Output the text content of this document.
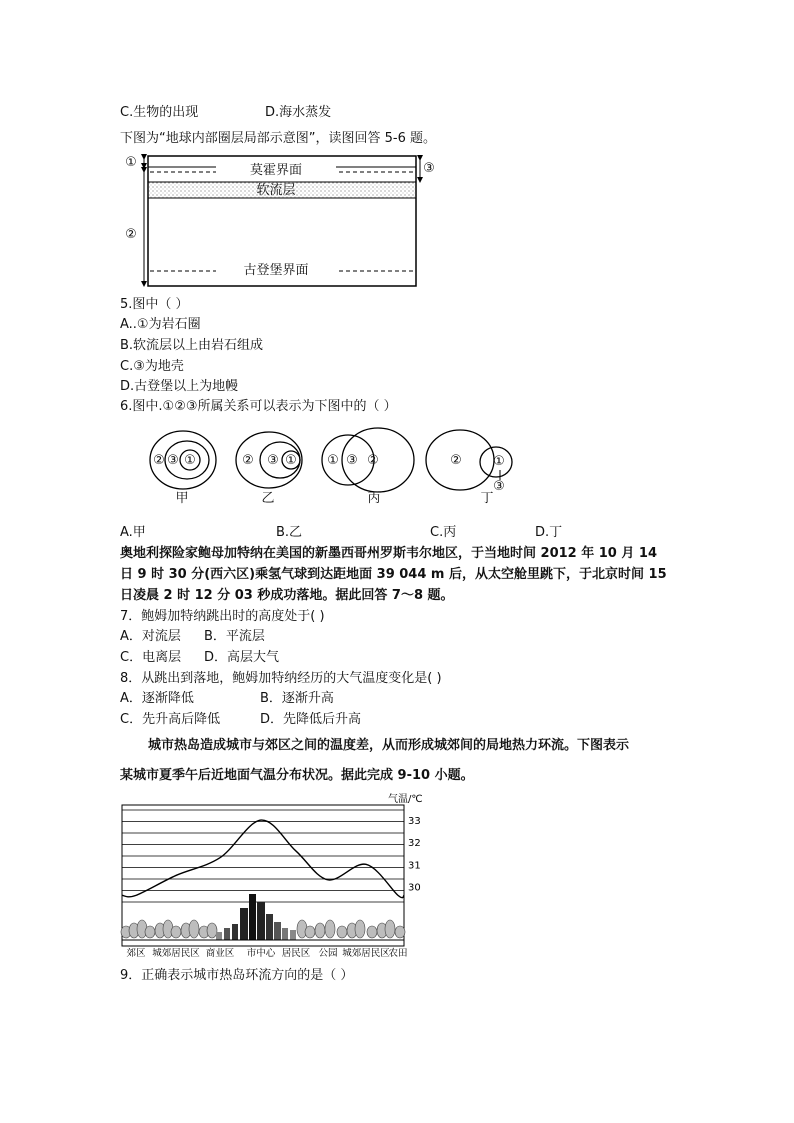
C.生物的出现	D.海水蒸发
下图为“地球内部圈层局部示意图”，读图回答 5-6 题。
①
②
③
莫霍界面
软流层
古登堡界面
5.图中（ ）
A..①为岩石圈
B.软流层以上由岩石组成
C.③为地壳
D.古登堡以上为地幔
6.图中.①②③所属关系可以表示为下图中的（ ）
② ③ ①
甲
② ③ ①
乙
① ③ ②
丙
② ①
③
丁
A.甲	B.乙	C.丙	D.丁
奥地利探险家鲍母加特纳在美国的新墨西哥州罗斯韦尔地区，于当地时间 2012 年 10 月 14
日 9 时 30 分(西六区)乘氢气球到达距地面 39 044 m 后，从太空舱里跳下，于北京时间 15
日凌晨 2 时 12 分 03 秒成功落地。据此回答 7～8 题。
7．鲍姆加特纳跳出时的高度处于( )
A．对流层 B．平流层
C．电离层 D．高层大气
8．从跳出到落地，鲍姆加特纳经历的大气温度变化是( )
A．逐渐降低	B．逐渐升高
C．先升高后降低	D．先降低后升高
城市热岛造成城市与郊区之间的温度差，从而形成城郊间的局地热力环流。下图表示
某城市夏季午后近地面气温分布状况。据此完成 9-10 小题。
30
31
32
33
郊区 城郊居民区 商业区 市中心 居民区 公园 城郊居民区
农田
气温/℃
9．正确表示城市热岛环流方向的是（ ）
